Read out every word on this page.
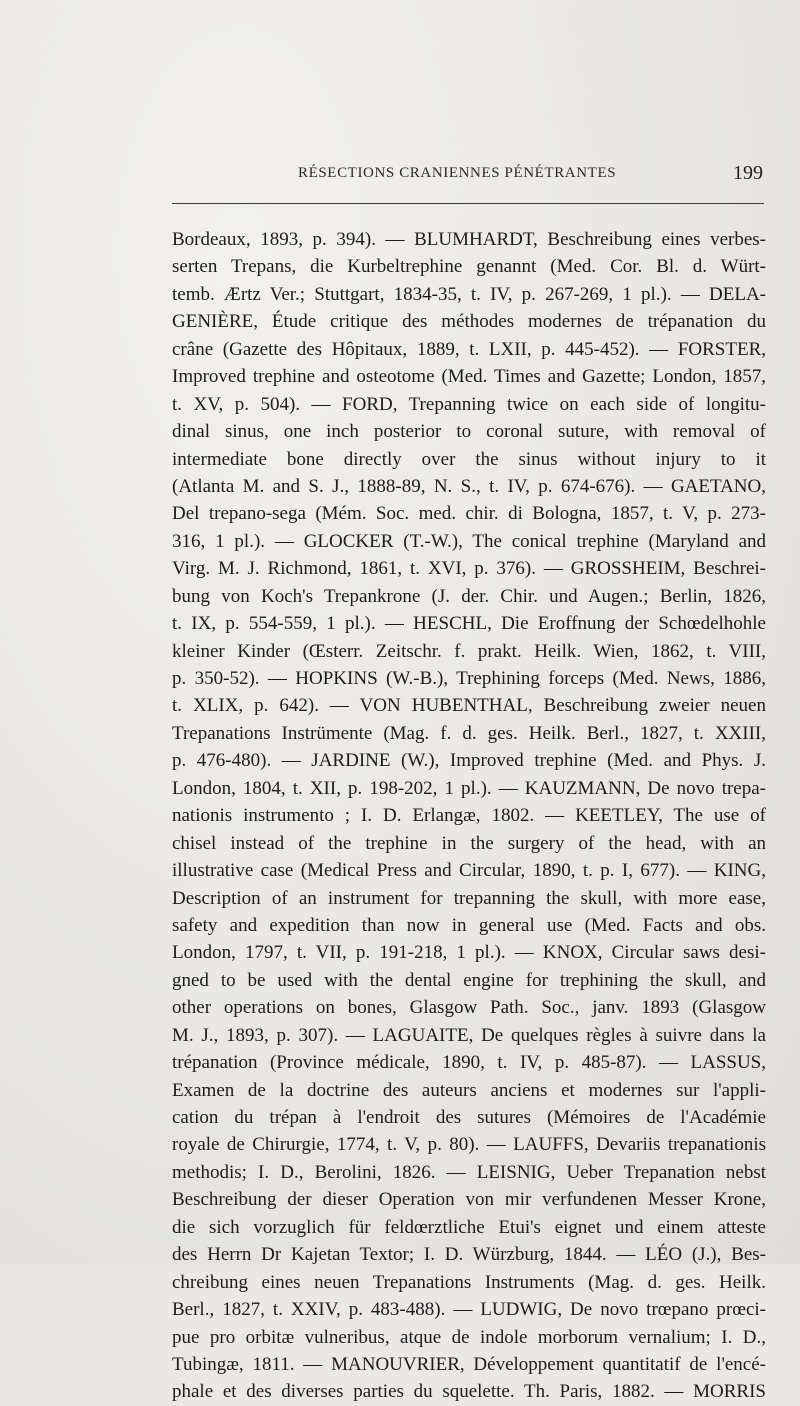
RÉSECTIONS CRANIENNES PÉNÉTRANTES	199
Bordeaux, 1893, p. 394). — BLUMHARDT, Beschreibung eines verbes-
serten Trepans, die Kurbeltrephine genannt (Med. Cor. Bl. d. Würt-
temb. Ærtz Ver.; Stuttgart, 1834-35, t. IV, p. 267-269, 1 pl.). — DELA-
GENIÈRE, Étude critique des méthodes modernes de trépanation du
crâne (Gazette des Hôpitaux, 1889, t. LXII, p. 445-452). — FORSTER,
Improved trephine and osteotome (Med. Times and Gazette; London, 1857,
t. XV, p. 504). — FORD, Trepanning twice on each side of longitu-
dinal sinus, one inch posterior to coronal suture, with removal of
intermediate bone directly over the sinus without injury to it
(Atlanta M. and S. J., 1888-89, N. S., t. IV, p. 674-676). — GAETANO,
Del trepano-sega (Mém. Soc. med. chir. di Bologna, 1857, t. V, p. 273-
316, 1 pl.). — GLOCKER (T.-W.), The conical trephine (Maryland and
Virg. M. J. Richmond, 1861, t. XVI, p. 376). — GROSSHEIM, Beschrei-
bung von Koch's Trepankrone (J. der. Chir. und Augen.; Berlin, 1826,
t. IX, p. 554-559, 1 pl.). — HESCHL, Die Eroffnung der Schœdelhohle
kleiner Kinder (Œsterr. Zeitschr. f. prakt. Heilk. Wien, 1862, t. VIII,
p. 350-52). — HOPKINS (W.-B.), Trephining forceps (Med. News, 1886,
t. XLIX, p. 642). — VON HUBENTHAL, Beschreibung zweier neuen
Trepanations Instrümente (Mag. f. d. ges. Heilk. Berl., 1827, t. XXIII,
p. 476-480). — JARDINE (W.), Improved trephine (Med. and Phys. J.
London, 1804, t. XII, p. 198-202, 1 pl.). — KAUZMANN, De novo trepa-
nationis instrumento ; I. D. Erlangæ, 1802. — KEETLEY, The use of
chisel instead of the trephine in the surgery of the head, with an
illustrative case (Medical Press and Circular, 1890, t. p. I, 677). — KING,
Description of an instrument for trepanning the skull, with more ease,
safety and expedition than now in general use (Med. Facts and obs.
London, 1797, t. VII, p. 191-218, 1 pl.). — KNOX, Circular saws desi-
gned to be used with the dental engine for trephining the skull, and
other operations on bones, Glasgow Path. Soc., janv. 1893 (Glasgow
M. J., 1893, p. 307). — LAGUAITE, De quelques règles à suivre dans la
trépanation (Province médicale, 1890, t. IV, p. 485-87). — LASSUS,
Examen de la doctrine des auteurs anciens et modernes sur l'appli-
cation du trépan à l'endroit des sutures (Mémoires de l'Académie
royale de Chirurgie, 1774, t. V, p. 80). — LAUFFS, Devariis trepanationis
methodis; I. D., Berolini, 1826. — LEISNIG, Ueber Trepanation nebst
Beschreibung der dieser Operation von mir verfundenen Messer Krone,
die sich vorzuglich für feldœrztliche Etui's eignet und einem atteste
des Herrn Dr Kajetan Textor; I. D. Würzburg, 1844. — LÉO (J.), Bes-
chreibung eines neuen Trepanations Instruments (Mag. d. ges. Heilk.
Berl., 1827, t. XXIV, p. 483-488). — LUDWIG, De novo trœpano prœci-
pue pro orbitæ vulneribus, atque de indole morborum vernalium; I. D.,
Tubingæ, 1811. — MANOUVRIER, Développement quantitatif de l'encé-
phale et des diverses parties du squelette. Th. Paris, 1882. — MORRIS
